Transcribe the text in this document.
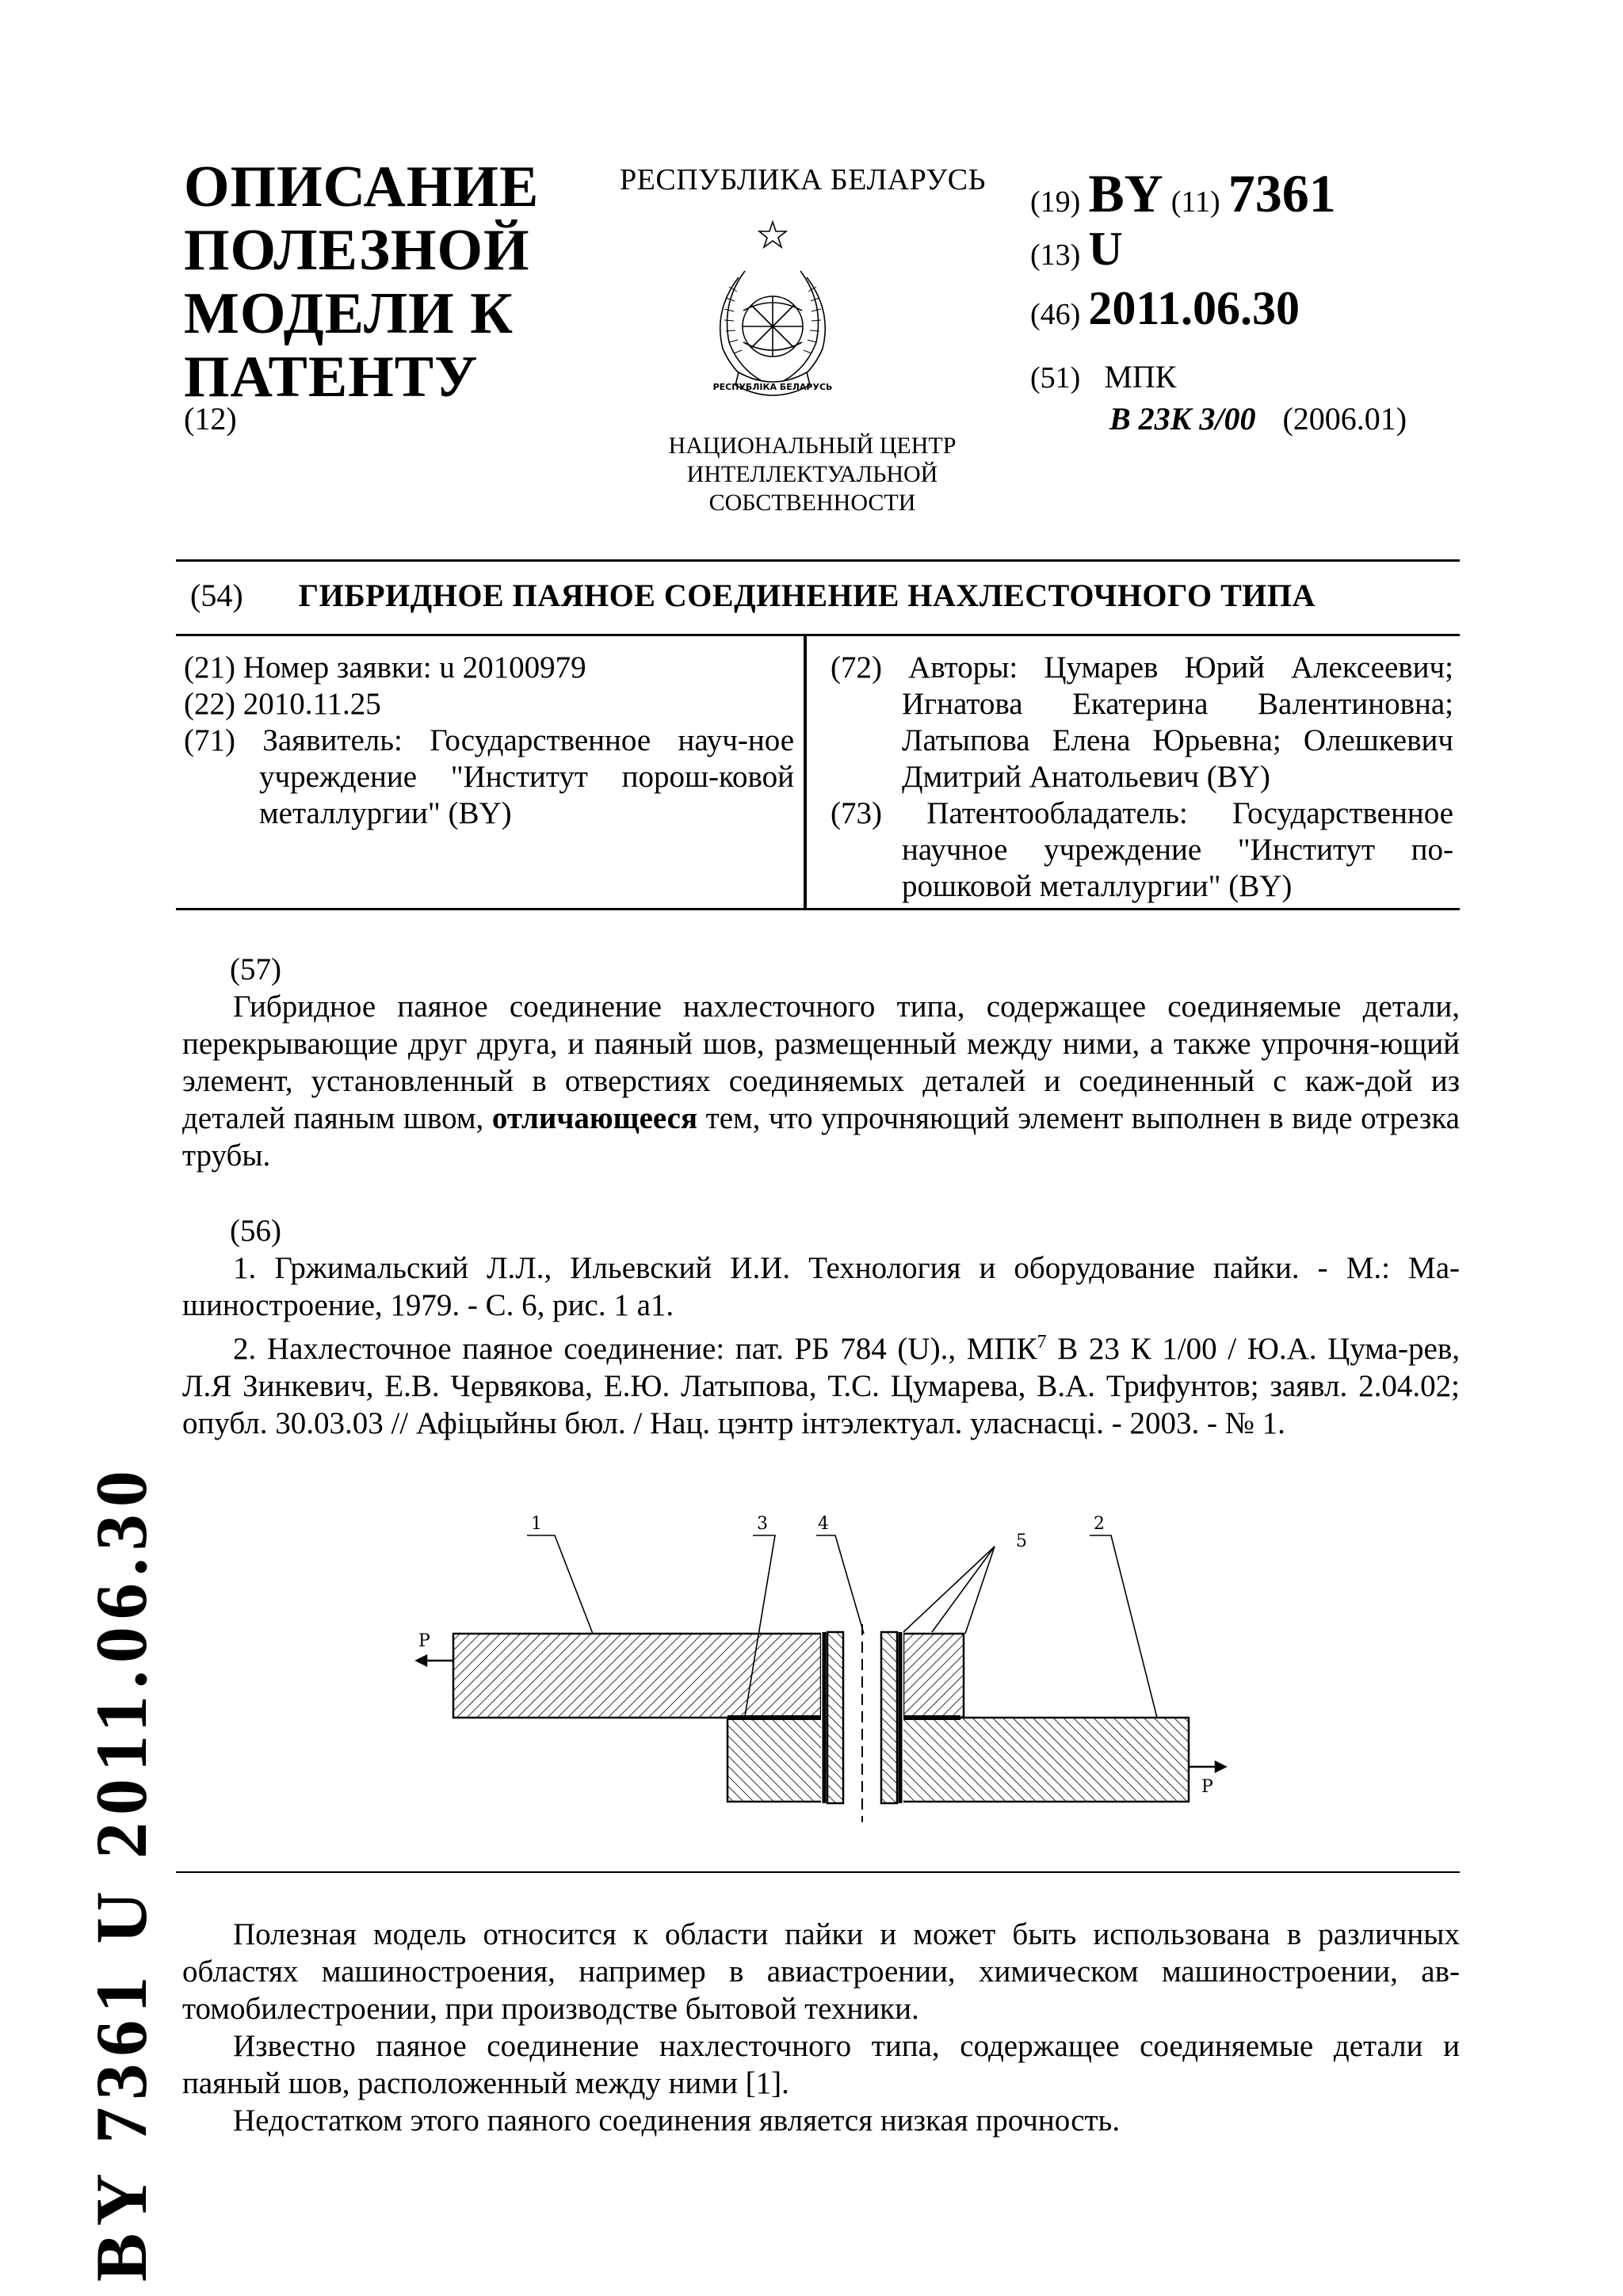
ОПИСАНИЕ
ПОЛЕЗНОЙ
МОДЕЛИ К
ПАТЕНТУ
(12)
РЕСПУБЛИКА БЕЛАРУСЬ
РЕСПУБЛІКА БЕЛАРУСЬ
НАЦИОНАЛЬНЫЙ ЦЕНТР
ИНТЕЛЛЕКТУАЛЬНОЙ
СОБСТВЕННОСТИ
(19) BY (11) 7361
(13) U
(46) 2011.06.30
(51) МПК
B 23K 3/00 (2006.01)
(54) ГИБРИДНОЕ ПАЯНОЕ СОЕДИНЕНИЕ НАХЛЕСТОЧНОГО ТИПА
(21) Номер заявки: u 20100979
(22) 2010.11.25
(71) Заявитель: Государственное науч-ное учреждение "Институт порош-ковой металлургии" (BY)
(72) Авторы: Цумарев Юрий Алексеевич; Игнатова Екатерина Валентиновна; Латыпова Елена Юрьевна; Олешкевич Дмитрий Анатольевич (BY)
(73) Патентообладатель: Государственное научное учреждение "Институт по-рошковой металлургии" (BY)

(57)

Гибридное паяное соединение нахлесточного типа, содержащее соединяемые детали, перекрывающие друг друга, и паяный шов, размещенный между ними, а также упрочня-ющий элемент, установленный в отверстиях соединяемых деталей и соединенный с каж-дой из деталей паяным швом, отличающееся тем, что упрочняющий элемент выполнен в виде отрезка трубы.

(56)

1. Гржимальский Л.Л., Ильевский И.И. Технология и оборудование пайки. - М.: Ма-шиностроение, 1979. - С. 6, рис. 1 а1.

2. Нахлесточное паяное соединение: пат. РБ 784 (U)., МПК$^7$ В 23 К 1/00 / Ю.А. Цума-рев, Л.Я Зинкевич, Е.В. Червякова, Е.Ю. Латыпова, Т.С. Цумарева, В.А. Трифунтов; заявл. 2.04.02; опубл. 30.03.03 // Афіцыйны бюл. / Нац. цэнтр інтэлектуал. уласнасці. - 2003. - № 1.

1	3	4
5
2
P
P

Полезная модель относится к области пайки и может быть использована в различных областях машиностроения, например в авиастроении, химическом машиностроении, ав-томобилестроении, при производстве бытовой техники.

Известно паяное соединение нахлесточного типа, содержащее соединяемые детали и паяный шов, расположенный между ними [1].

Недостатком этого паяного соединения является низкая прочность.

BY 7361 U 2011.06.30
